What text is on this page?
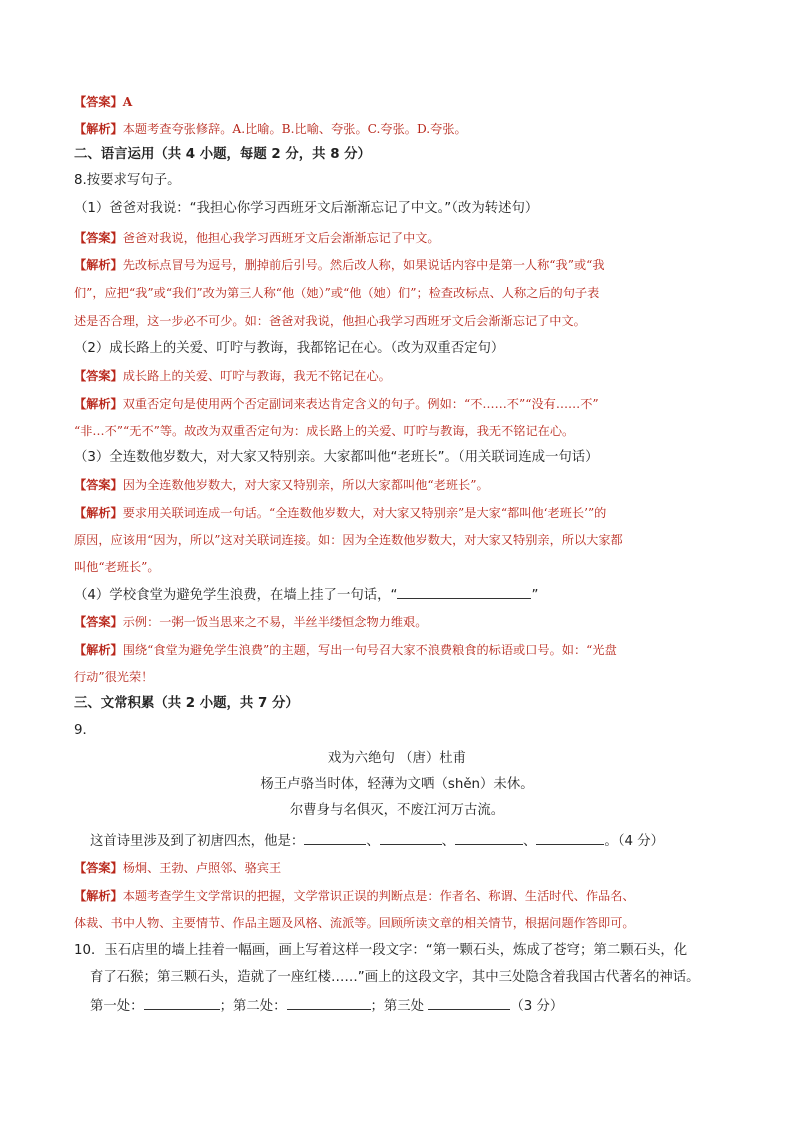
【答案】A
【解析】本题考查夸张修辞。A.比喻。B.比喻、夸张。C.夸张。D.夸张。
二、语言运用（共 4 小题，每题 2 分，共 8 分）
8.按要求写句子。
（1）爸爸对我说：“我担心你学习西班牙文后渐渐忘记了中文。”（改为转述句）
【答案】爸爸对我说，他担心我学习西班牙文后会渐渐忘记了中文。
【解析】先改标点冒号为逗号，删掉前后引号。然后改人称，如果说话内容中是第一人称“我”或“我
们”，应把“我”或“我们”改为第三人称“他（她）”或“他（她）们”；检查改标点、人称之后的句子表
述是否合理，这一步必不可少。如：爸爸对我说，他担心我学习西班牙文后会渐渐忘记了中文。
（2）成长路上的关爱、叮咛与教诲，我都铭记在心。（改为双重否定句）
【答案】成长路上的关爱、叮咛与教诲，我无不铭记在心。
【解析】双重否定句是使用两个否定副词来表达肯定含义的句子。例如：“不……不”“没有……不”
“非…不”“无不”等。故改为双重否定句为：成长路上的关爱、叮咛与教诲，我无不铭记在心。
（3）全连数他岁数大，对大家又特别亲。大家都叫他“老班长”。（用关联词连成一句话）
【答案】因为全连数他岁数大，对大家又特别亲，所以大家都叫他“老班长”。
【解析】要求用关联词连成一句话。“全连数他岁数大，对大家又特别亲”是大家“都叫他‘老班长’”的
原因，应该用“因为，所以”这对关联词连接。如：因为全连数他岁数大，对大家又特别亲，所以大家都
叫他“老班长”。
（4）学校食堂为避免学生浪费，在墙上挂了一句话，“	”
【答案】示例：一粥一饭当思来之不易，半丝半缕恒念物力维艰。
【解析】围绕“食堂为避免学生浪费”的主题，写出一句号召大家不浪费粮食的标语或口号。如：“光盘
行动”很光荣！
三、文常积累（共 2 小题，共 7 分）
9．
戏为六绝句 （唐）杜甫
杨王卢骆当时体，轻薄为文哂（shěn）未休。
尔曹身与名俱灭，不废江河万古流。
这首诗里涉及到了初唐四杰，他是：	、	、	、	。（4 分）
【答案】杨炯、王勃、卢照邻、骆宾王
【解析】本题考查学生文学常识的把握，文学常识正误的判断点是：作者名、称谓、生活时代、作品名、
体裁、书中人物、主要情节、作品主题及风格、流派等。回顾所读文章的相关情节，根据问题作答即可。
10．玉石店里的墙上挂着一幅画，画上写着这样一段文字：“第一颗石头，炼成了苍穹；第二颗石头，化
育了石猴；第三颗石头，造就了一座红楼……”画上的这段文字，其中三处隐含着我国古代著名的神话。
第一处：	；第二处：	；第三处	（3 分）
